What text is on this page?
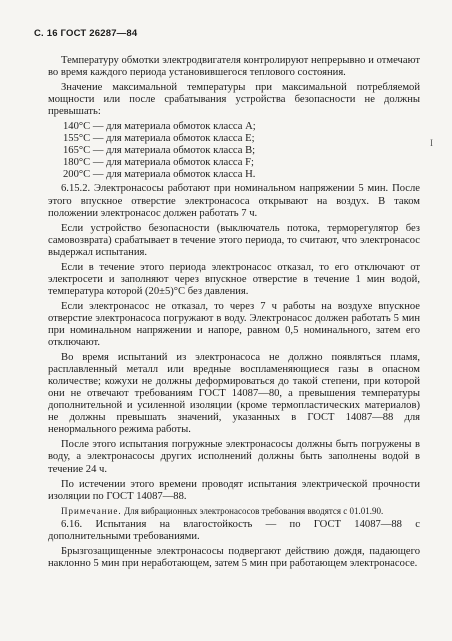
С. 16 ГОСТ 26287—84

Температуру обмотки электродвигателя контролируют непрерывно и отмечают во время каждого периода установившегося теплового состояния.

Значение максимальной температуры при максимальной потребляемой мощности или после срабатывания устройства безопасности не должны превышать:

140°С — для материала обмоток класса А;
155°С — для материала обмоток класса Е;
165°С — для материала обмоток класса В;
180°С — для материала обмоток класса F;
200°С — для материала обмоток класса Н.

6.15.2. Электронасосы работают при номинальном напряжении 5 мин. После этого впускное отверстие электронасоса открывают на воздух. В таком положении электронасос должен работать 7 ч.

Если устройство безопасности (выключатель потока, терморегулятор без самовозврата) срабатывает в течение этого периода, то считают, что электронасос выдержал испытания.

Если в течение этого периода электронасос отказал, то его отключают от электросети и заполняют через впускное отверстие в течение 1 мин водой, температура которой (20±5)°С без давления.

Если электронасос не отказал, то через 7 ч работы на воздухе впускное отверстие электронасоса погружают в воду. Электронасос должен работать 5 мин при номинальном напряжении и напоре, равном 0,5 номинального, затем его отключают.

Во время испытаний из электронасоса не должно появляться пламя, расплавленный металл или вредные воспламеняющиеся газы в опасном количестве; кожухи не должны деформироваться до такой степени, при которой они не отвечают требованиям ГОСТ 14087—80, а превышения температуры дополнительной и усиленной изоляции (кроме термопластических материалов) не должны превышать значений, указанных в ГОСТ 14087—88 для ненормального режима работы.

После этого испытания погружные электронасосы должны быть погружены в воду, а электронасосы других исполнений должны быть заполнены водой в течение 24 ч.

По истечении этого времени проводят испытания электрической прочности изоляции по ГОСТ 14087—88.

Примечание. Для вибрационных электронасосов требования вводятся с 01.01.90.

6.16. Испытания на влагостойкость — по ГОСТ 14087—88 с дополнительными требованиями.

Брызгозащищенные электронасосы подвергают действию дождя, падающего наклонно 5 мин при неработающем, затем 5 мин при работающем электронасосе.

I
